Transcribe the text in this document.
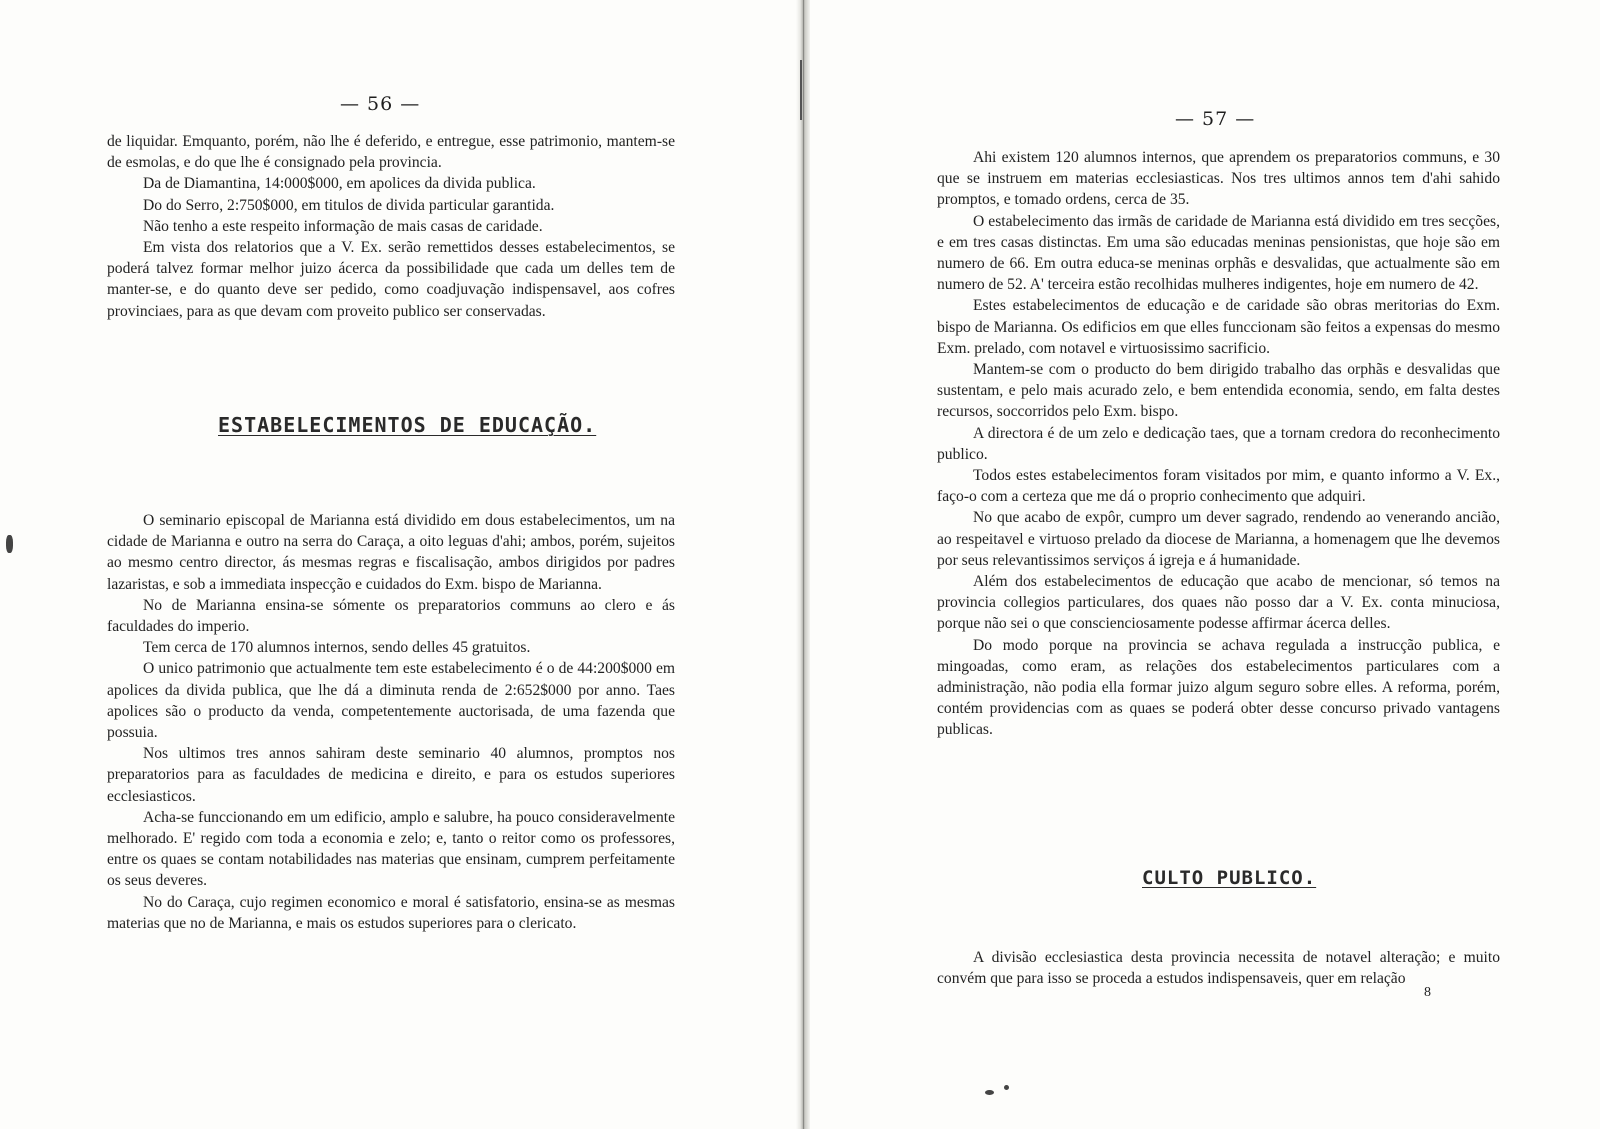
— 56 —

de liquidar. Emquanto, porém, não lhe é deferido, e entregue, esse patrimonio, mantem-se de esmolas, e do que lhe é consignado pela provincia.

Da de Diamantina, 14:000$000, em apolices da divida publica.

Do do Serro, 2:750$000, em titulos de divida particular garantida.

Não tenho a este respeito informação de mais casas de caridade.

Em vista dos relatorios que a V. Ex. serão remettidos desses estabelecimentos, se poderá talvez formar melhor juizo ácerca da possibilidade que cada um delles tem de manter-se, e do quanto deve ser pedido, como coadjuvação indispensavel, aos cofres provinciaes, para as que devam com proveito publico ser conservadas.

ESTABELECIMENTOS DE EDUCAÇÃO.

O seminario episcopal de Marianna está dividido em dous estabelecimentos, um na cidade de Marianna e outro na serra do Caraça, a oito leguas d'ahi; ambos, porém, sujeitos ao mesmo centro director, ás mesmas regras e fiscalisação, ambos dirigidos por padres lazaristas, e sob a immediata inspecção e cuidados do Exm. bispo de Marianna.

No de Marianna ensina-se sómente os preparatorios communs ao clero e ás faculdades do imperio.

Tem cerca de 170 alumnos internos, sendo delles 45 gratuitos.

O unico patrimonio que actualmente tem este estabelecimento é o de 44:200$000 em apolices da divida publica, que lhe dá a diminuta renda de 2:652$000 por anno. Taes apolices são o producto da venda, competentemente auctorisada, de uma fazenda que possuia.

Nos ultimos tres annos sahiram deste seminario 40 alumnos, promptos nos preparatorios para as faculdades de medicina e direito, e para os estudos superiores ecclesiasticos.

Acha-se funccionando em um edificio, amplo e salubre, ha pouco consideravelmente melhorado. E' regido com toda a economia e zelo; e, tanto o reitor como os professores, entre os quaes se contam notabilidades nas materias que ensinam, cumprem perfeitamente os seus deveres.

No do Caraça, cujo regimen economico e moral é satisfatorio, ensina-se as mesmas materias que no de Marianna, e mais os estudos superiores para o clericato.

— 57 —

Ahi existem 120 alumnos internos, que aprendem os preparatorios communs, e 30 que se instruem em materias ecclesiasticas. Nos tres ultimos annos tem d'ahi sahido promptos, e tomado ordens, cerca de 35.

O estabelecimento das irmãs de caridade de Marianna está dividido em tres secções, e em tres casas distinctas. Em uma são educadas meninas pensionistas, que hoje são em numero de 66. Em outra educa-se meninas orphãs e desvalidas, que actualmente são em numero de 52. A' terceira estão recolhidas mulheres indigentes, hoje em numero de 42.

Estes estabelecimentos de educação e de caridade são obras meritorias do Exm. bispo de Marianna. Os edificios em que elles funccionam são feitos a expensas do mesmo Exm. prelado, com notavel e virtuosissimo sacrificio.

Mantem-se com o producto do bem dirigido trabalho das orphãs e desvalidas que sustentam, e pelo mais acurado zelo, e bem entendida economia, sendo, em falta destes recursos, soccorridos pelo Exm. bispo.

A directora é de um zelo e dedicação taes, que a tornam credora do reconhecimento publico.

Todos estes estabelecimentos foram visitados por mim, e quanto informo a V. Ex., faço-o com a certeza que me dá o proprio conhecimento que adquiri.

No que acabo de expôr, cumpro um dever sagrado, rendendo ao venerando ancião, ao respeitavel e virtuoso prelado da diocese de Marianna, a homenagem que lhe devemos por seus relevantissimos serviços á igreja e á humanidade.

Além dos estabelecimentos de educação que acabo de mencionar, só temos na provincia collegios particulares, dos quaes não posso dar a V. Ex. conta minuciosa, porque não sei o que conscienciosamente podesse affirmar ácerca delles.

Do modo porque na provincia se achava regulada a instrucção publica, e mingoadas, como eram, as relações dos estabelecimentos particulares com a administração, não podia ella formar juizo algum seguro sobre elles. A reforma, porém, contém providencias com as quaes se poderá obter desse concurso privado vantagens publicas.

CULTO PUBLICO.

A divisão ecclesiastica desta provincia necessita de notavel alteração; e muito convém que para isso se proceda a estudos indispensaveis, quer em relação

8
